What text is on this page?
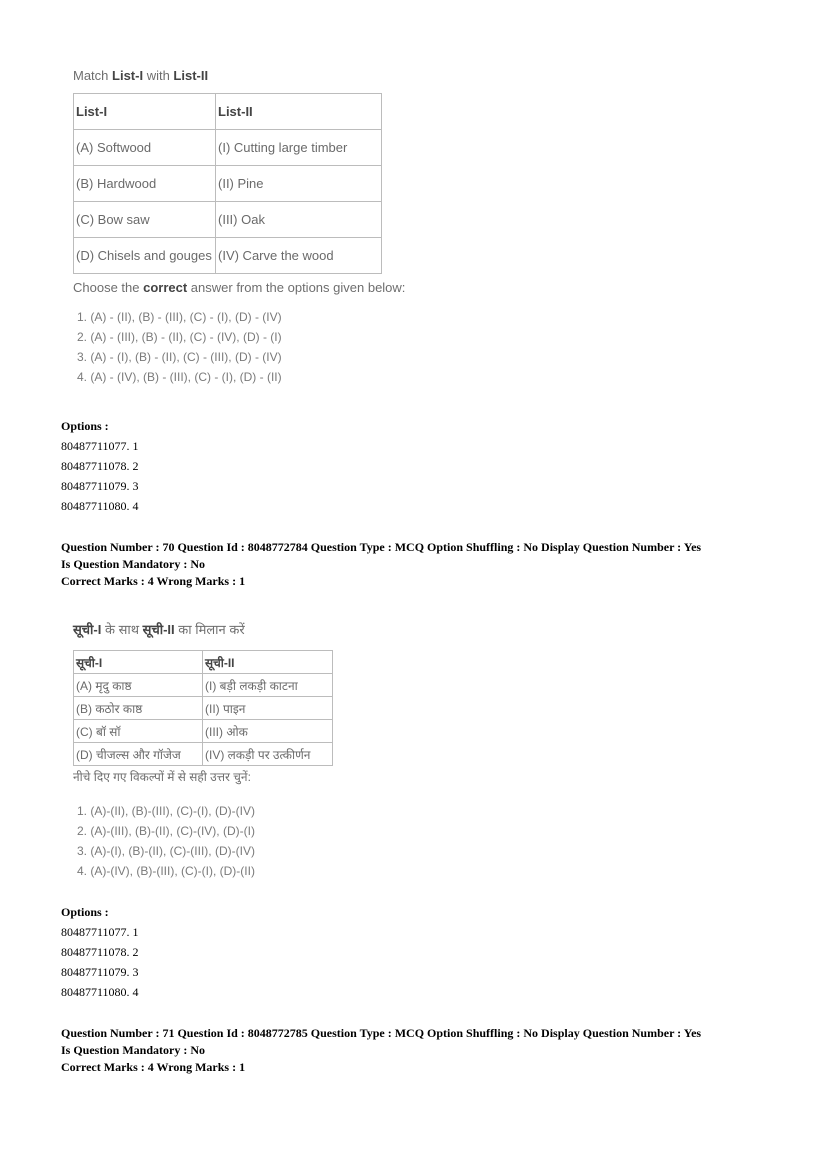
Match List-I with List-II

List-I	List-II
(A) Softwood	(I) Cutting large timber
(B) Hardwood	(II) Pine
(C) Bow saw	(III) Oak
(D) Chisels and gouges	(IV) Carve the wood

Choose the correct answer from the options given below:

1. (A) - (II), (B) - (III), (C) - (I), (D) - (IV)
2. (A) - (III), (B) - (II), (C) - (IV), (D) - (I)
3. (A) - (I), (B) - (II), (C) - (III), (D) - (IV)
4. (A) - (IV), (B) - (III), (C) - (I), (D) - (II)
Options :
80487711077. 1
80487711078. 2
80487711079. 3
80487711080. 4
Question Number : 70 Question Id : 8048772784 Question Type : MCQ Option Shuffling : No Display Question Number : Yes
Is Question Mandatory : No
Correct Marks : 4 Wrong Marks : 1

सूची-I के साथ सूची-II का मिलान करें

सूची-I	सूची-II
(A) मृदु काष्ठ	(I) बड़ी लकड़ी काटना
(B) कठोर काष्ठ	(II) पाइन
(C) बॉ सॉ	(III) ओक
(D) चीजल्स और गॉजेज	(IV) लकड़ी पर उत्कीर्णन

नीचे दिए गए विकल्पों में से सही उत्तर चुनें:

1. (A)-(II), (B)-(III), (C)-(I), (D)-(IV)
2. (A)-(III), (B)-(II), (C)-(IV), (D)-(I)
3. (A)-(I), (B)-(II), (C)-(III), (D)-(IV)
4. (A)-(IV), (B)-(III), (C)-(I), (D)-(II)
Options :
80487711077. 1
80487711078. 2
80487711079. 3
80487711080. 4
Question Number : 71 Question Id : 8048772785 Question Type : MCQ Option Shuffling : No Display Question Number : Yes
Is Question Mandatory : No
Correct Marks : 4 Wrong Marks : 1
